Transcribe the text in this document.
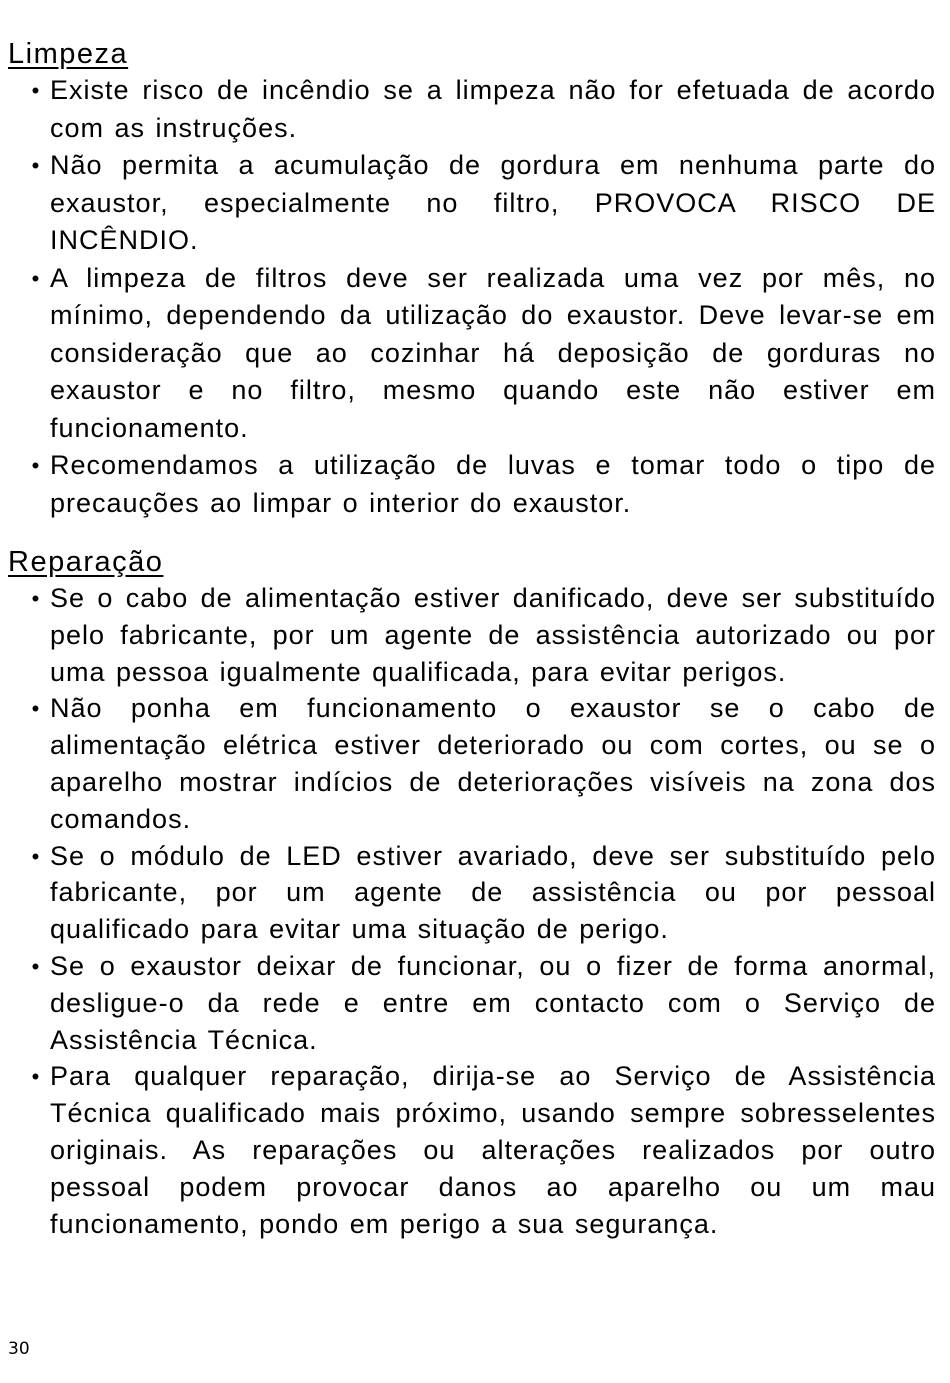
Limpeza
• Existe risco de incêndio se a limpeza não for efetuada de acordo com as instruções.
• Não permita a acumulação de gordura em nenhuma parte do exaustor, especialmente no filtro, PROVOCA RISCO DE INCÊNDIO.
• A limpeza de filtros deve ser realizada uma vez por mês, no mínimo, dependendo da utilização do exaustor. Deve levar-se em consideração que ao cozinhar há deposição de gorduras no exaustor e no filtro, mesmo quando este não estiver em funcionamento.
• Recomendamos a utilização de luvas e tomar todo o tipo de precauções ao limpar o interior do exaustor.
Reparação
• Se o cabo de alimentação estiver danificado, deve ser substituído pelo fabricante, por um agente de assistência autorizado ou por uma pessoa igualmente qualificada, para evitar perigos.
• Não ponha em funcionamento o exaustor se o cabo de alimentação elétrica estiver deteriorado ou com cortes, ou se o aparelho mostrar indícios de deteriorações visíveis na zona dos comandos.
• Se o módulo de LED estiver avariado, deve ser substituído pelo fabricante, por um agente de assistência ou por pessoal qualificado para evitar uma situação de perigo.
• Se o exaustor deixar de funcionar, ou o fizer de forma anormal, desligue-o da rede e entre em contacto com o Serviço de Assistência Técnica.
• Para qualquer reparação, dirija-se ao Serviço de Assistência Técnica qualificado mais próximo, usando sempre sobresselentes originais. As reparações ou alterações realizados por outro pessoal podem provocar danos ao aparelho ou um mau funcionamento, pondo em perigo a sua segurança.
30
